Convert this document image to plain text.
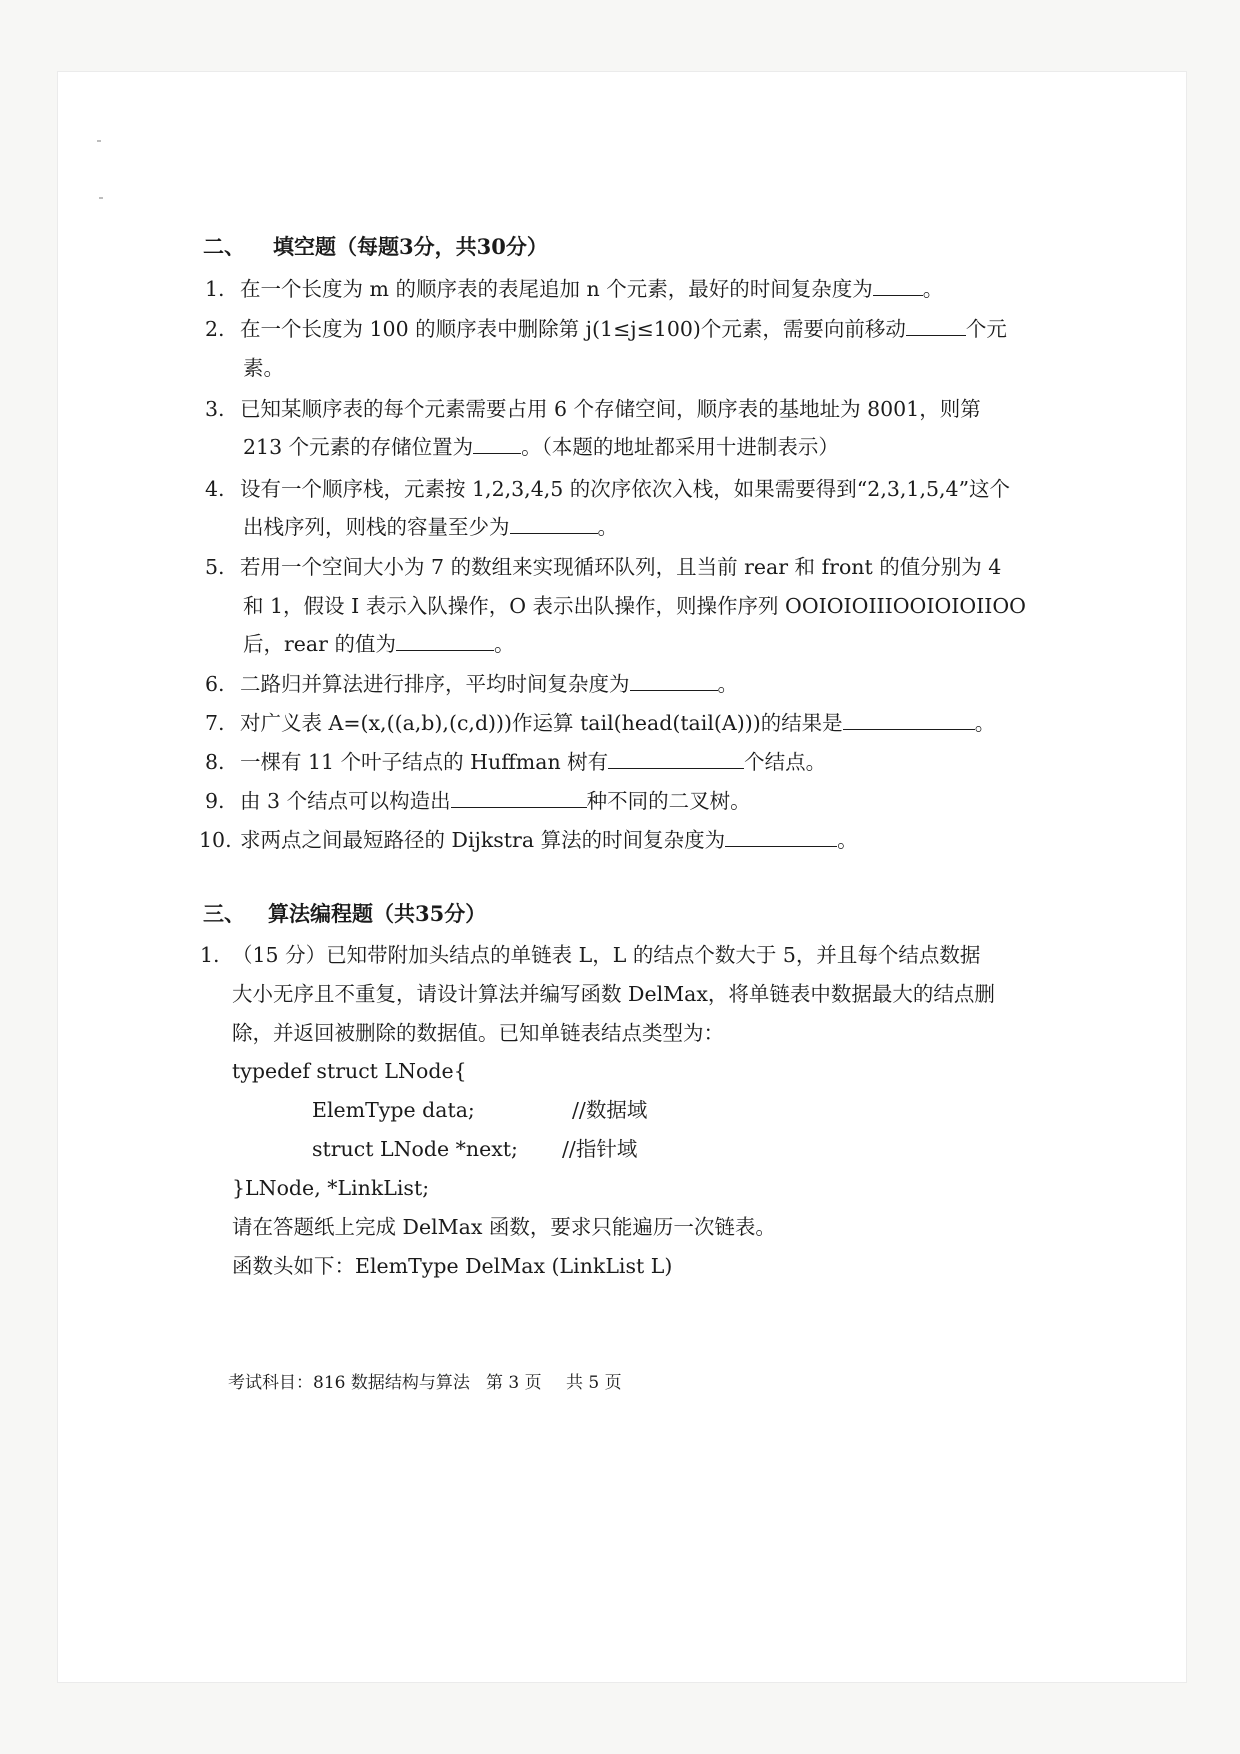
二、 填空题（每题3分，共30分）
1. 在一个长度为 m 的顺序表的表尾追加 n 个元素，最好的时间复杂度为 。
2. 在一个长度为 100 的顺序表中删除第 j(1≤j≤100)个元素，需要向前移动	个元
素。
3. 已知某顺序表的每个元素需要占用 6 个存储空间，顺序表的基地址为 8001，则第
213 个元素的存储位置为 。（本题的地址都采用十进制表示）
4. 设有一个顺序栈，元素按 1,2,3,4,5 的次序依次入栈，如果需要得到“2,3,1,5,4”这个
出栈序列，则栈的容量至少为	。
5. 若用一个空间大小为 7 的数组来实现循环队列，且当前 rear 和 front 的值分别为 4
和 1，假设 I 表示入队操作，O 表示出队操作，则操作序列 OOIOIOIIIOOIOIOIIOO
后，rear 的值为	。
6. 二路归并算法进行排序，平均时间复杂度为	。
7. 对广义表 A=(x,((a,b),(c,d)))作运算 tail(head(tail(A)))的结果是	。
8. 一棵有 11 个叶子结点的 Huffman 树有	个结点。
9. 由 3 个结点可以构造出	种不同的二叉树。
10. 求两点之间最短路径的 Dijkstra 算法的时间复杂度为	。
三、 算法编程题（共35分）
1. （15 分）已知带附加头结点的单链表 L，L 的结点个数大于 5，并且每个结点数据
大小无序且不重复，请设计算法并编写函数 DelMax，将单链表中数据最大的结点删
除，并返回被删除的数据值。已知单链表结点类型为：
typedef struct LNode{
ElemType data;	//数据域
struct LNode *next; //指针域
}LNode, *LinkList;
请在答题纸上完成 DelMax 函数，要求只能遍历一次链表。
函数头如下：ElemType DelMax (LinkList L)
考试科目：816 数据结构与算法 第 3 页 共 5 页
